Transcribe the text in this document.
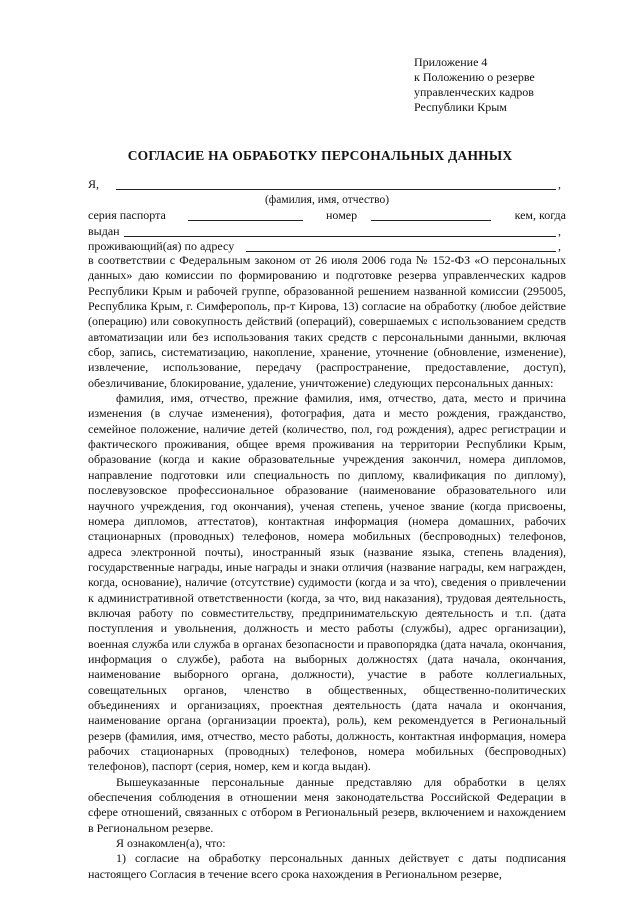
Приложение 4
к Положению о резерве
управленческих кадров
Республики Крым
СОГЛАСИЕ НА ОБРАБОТКУ ПЕРСОНАЛЬНЫХ ДАННЫХ
Я,	,
(фамилия, имя, отчество)
серия паспорта	номер	кем, когда
выдан	,
проживающий(ая) по адресу	,

в соответствии с Федеральным законом от 26 июля 2006 года № 152-ФЗ «О персональных данных» даю комиссии по формированию и подготовке резерва управленческих кадров Республики Крым и рабочей группе, образованной решением названной комиссии (295005, Республика Крым, г. Симферополь, пр-т Кирова, 13) согласие на обработку (любое действие (операцию) или совокупность действий (операций), совершаемых с использованием средств автоматизации или без использования таких средств с персональными данными, включая сбор, запись, систематизацию, накопление, хранение, уточнение (обновление, изменение), извлечение, использование, передачу (распространение, предоставление, доступ), обезличивание, блокирование, удаление, уничтожение) следующих персональных данных:

фамилия, имя, отчество, прежние фамилия, имя, отчество, дата, место и причина изменения (в случае изменения), фотография, дата и место рождения, гражданство, семейное положение, наличие детей (количество, пол, год рождения), адрес регистрации и фактического проживания, общее время проживания на территории Республики Крым, образование (когда и какие образовательные учреждения закончил, номера дипломов, направление подготовки или специальность по диплому, квалификация по диплому), послевузовское профессиональное образование (наименование образовательного или научного учреждения, год окончания), ученая степень, ученое звание (когда присвоены, номера дипломов, аттестатов), контактная информация (номера домашних, рабочих стационарных (проводных) телефонов, номера мобильных (беспроводных) телефонов, адреса электронной почты), иностранный язык (название языка, степень владения), государственные награды, иные награды и знаки отличия (название награды, кем награжден, когда, основание), наличие (отсутствие) судимости (когда и за что), сведения о привлечении к административной ответственности (когда, за что, вид наказания), трудовая деятельность, включая работу по совместительству, предпринимательскую деятельность и т.п. (дата поступления и увольнения, должность и место работы (службы), адрес организации), военная служба или служба в органах безопасности и правопорядка (дата начала, окончания, информация о службе), работа на выборных должностях (дата начала, окончания, наименование выборного органа, должности), участие в работе коллегиальных, совещательных органов, членство в общественных, общественно-политических объединениях и организациях, проектная деятельность (дата начала и окончания, наименование органа (организации проекта), роль), кем рекомендуется в Региональный резерв (фамилия, имя, отчество, место работы, должность, контактная информация, номера рабочих стационарных (проводных) телефонов, номера мобильных (беспроводных) телефонов), паспорт (серия, номер, кем и когда выдан).

Вышеуказанные персональные данные представляю для обработки в целях обеспечения соблюдения в отношении меня законодательства Российской Федерации в сфере отношений, связанных с отбором в Региональный резерв, включением и нахождением в Региональном резерве.

Я ознакомлен(а), что:

1) согласие на обработку персональных данных действует с даты подписания настоящего Согласия в течение всего срока нахождения в Региональном резерве,
